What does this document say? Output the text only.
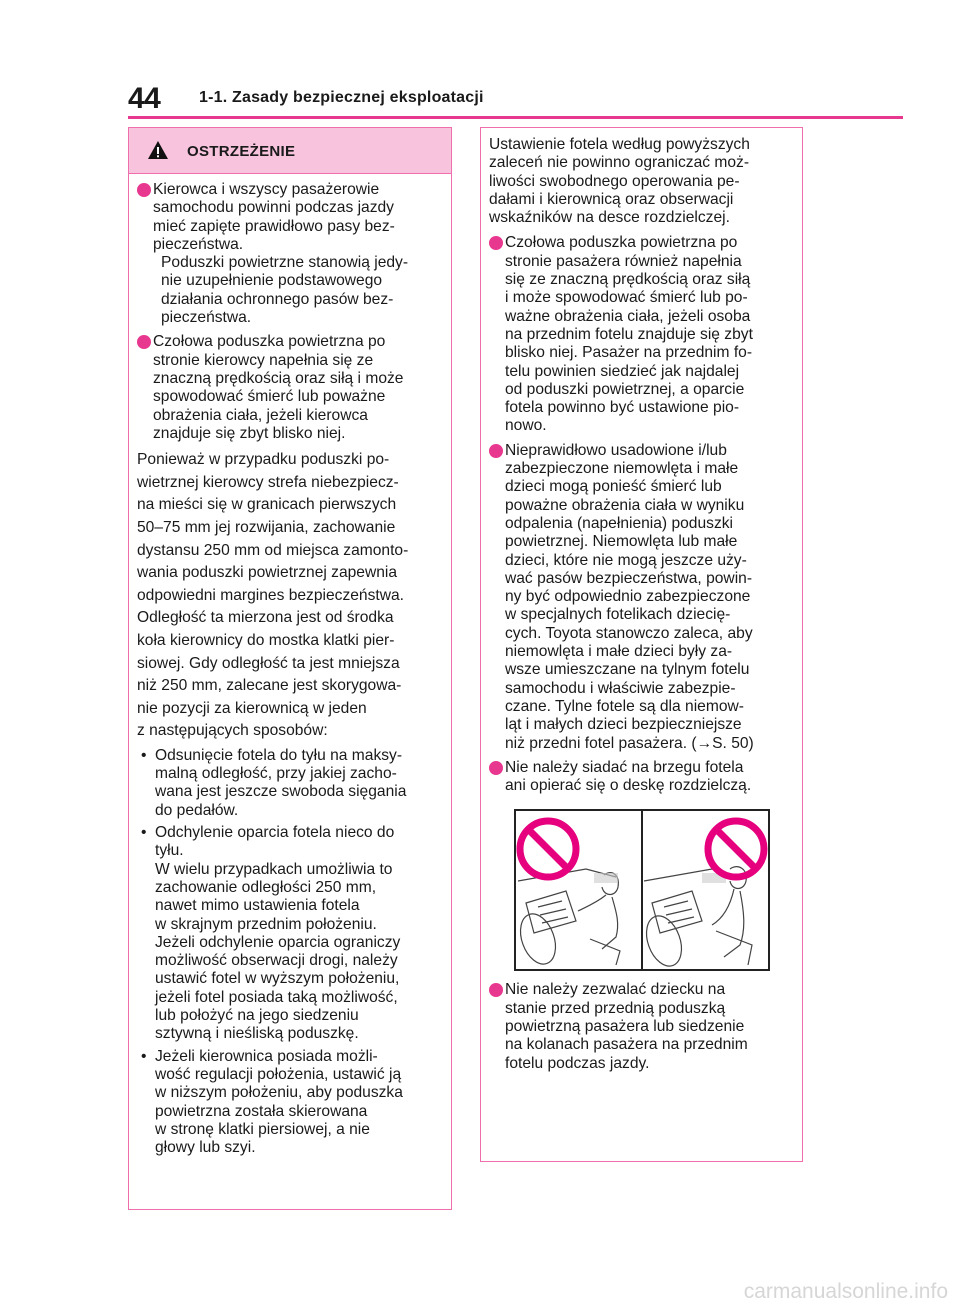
44 1-1. Zasady bezpiecznej eksploatacji
OSTRZEŻENIE

Kierowca i wszyscy pasażerowie
samochodu powinni podczas jazdy
mieć zapięte prawidłowo pasy bez-
pieczeństwa.

Poduszki powietrzne stanowią jedy-
nie uzupełnienie podstawowego
działania ochronnego pasów bez-
pieczeństwa.

Czołowa poduszka powietrzna po
stronie kierowcy napełnia się ze
znaczną prędkością oraz siłą i może
spowodować śmierć lub poważne
obrażenia ciała, jeżeli kierowca
znajduje się zbyt blisko niej.

Ponieważ w przypadku poduszki po-
wietrznej kierowcy strefa niebezpiecz-
na mieści się w granicach pierwszych
50–75 mm jej rozwijania, zachowanie
dystansu 250 mm od miejsca zamonto-
wania poduszki powietrznej zapewnia
odpowiedni margines bezpieczeństwa.
Odległość ta mierzona jest od środka
koła kierownicy do mostka klatki pier-
siowej. Gdy odległość ta jest mniejsza
niż 250 mm, zalecane jest skorygowa-
nie pozycji za kierownicą w jeden
z następujących sposobów:

• Odsunięcie fotela do tyłu na maksy-
malną odległość, przy jakiej zacho-
wana jest jeszcze swoboda sięgania
do pedałów.

• Odchylenie oparcia fotela nieco do
tyłu.
W wielu przypadkach umożliwia to
zachowanie odległości 250 mm,
nawet mimo ustawienia fotela
w skrajnym przednim położeniu.
Jeżeli odchylenie oparcia ograniczy
możliwość obserwacji drogi, należy
ustawić fotel w wyższym położeniu,
jeżeli fotel posiada taką możliwość,
lub położyć na jego siedzeniu
sztywną i nieśliską poduszkę.

• Jeżeli kierownica posiada możli-
wość regulacji położenia, ustawić ją
w niższym położeniu, aby poduszka
powietrzna została skierowana
w stronę klatki piersiowej, a nie
głowy lub szyi.

Ustawienie fotela według powyższych
zaleceń nie powinno ograniczać moż-
liwości swobodnego operowania pe-
dałami i kierownicą oraz obserwacji
wskaźników na desce rozdzielczej.

Czołowa poduszka powietrzna po
stronie pasażera również napełnia
się ze znaczną prędkością oraz siłą
i może spowodować śmierć lub po-
ważne obrażenia ciała, jeżeli osoba
na przednim fotelu znajduje się zbyt
blisko niej. Pasażer na przednim fo-
telu powinien siedzieć jak najdalej
od poduszki powietrznej, a oparcie
fotela powinno być ustawione pio-
nowo.

Nieprawidłowo usadowione i/lub
zabezpieczone niemowlęta i małe
dzieci mogą ponieść śmierć lub
poważne obrażenia ciała w wyniku
odpalenia (napełnienia) poduszki
powietrznej. Niemowlęta lub małe
dzieci, które nie mogą jeszcze uży-
wać pasów bezpieczeństwa, powin-
ny być odpowiednio zabezpieczone
w specjalnych fotelikach dziecię-
cych. Toyota stanowczo zaleca, aby
niemowlęta i małe dzieci były za-
wsze umieszczane na tylnym fotelu
samochodu i właściwie zabezpie-
czane. Tylne fotele są dla niemow-
ląt i małych dzieci bezpieczniejsze
niż przedni fotel pasażera. (→S. 50)

Nie należy siadać na brzegu fotela
ani opierać się o deskę rozdzielczą.

Nie należy zezwalać dziecku na
stanie przed przednią poduszką
powietrzną pasażera lub siedzenie
na kolanach pasażera na przednim
fotelu podczas jazdy.

carmanualsonline.info
